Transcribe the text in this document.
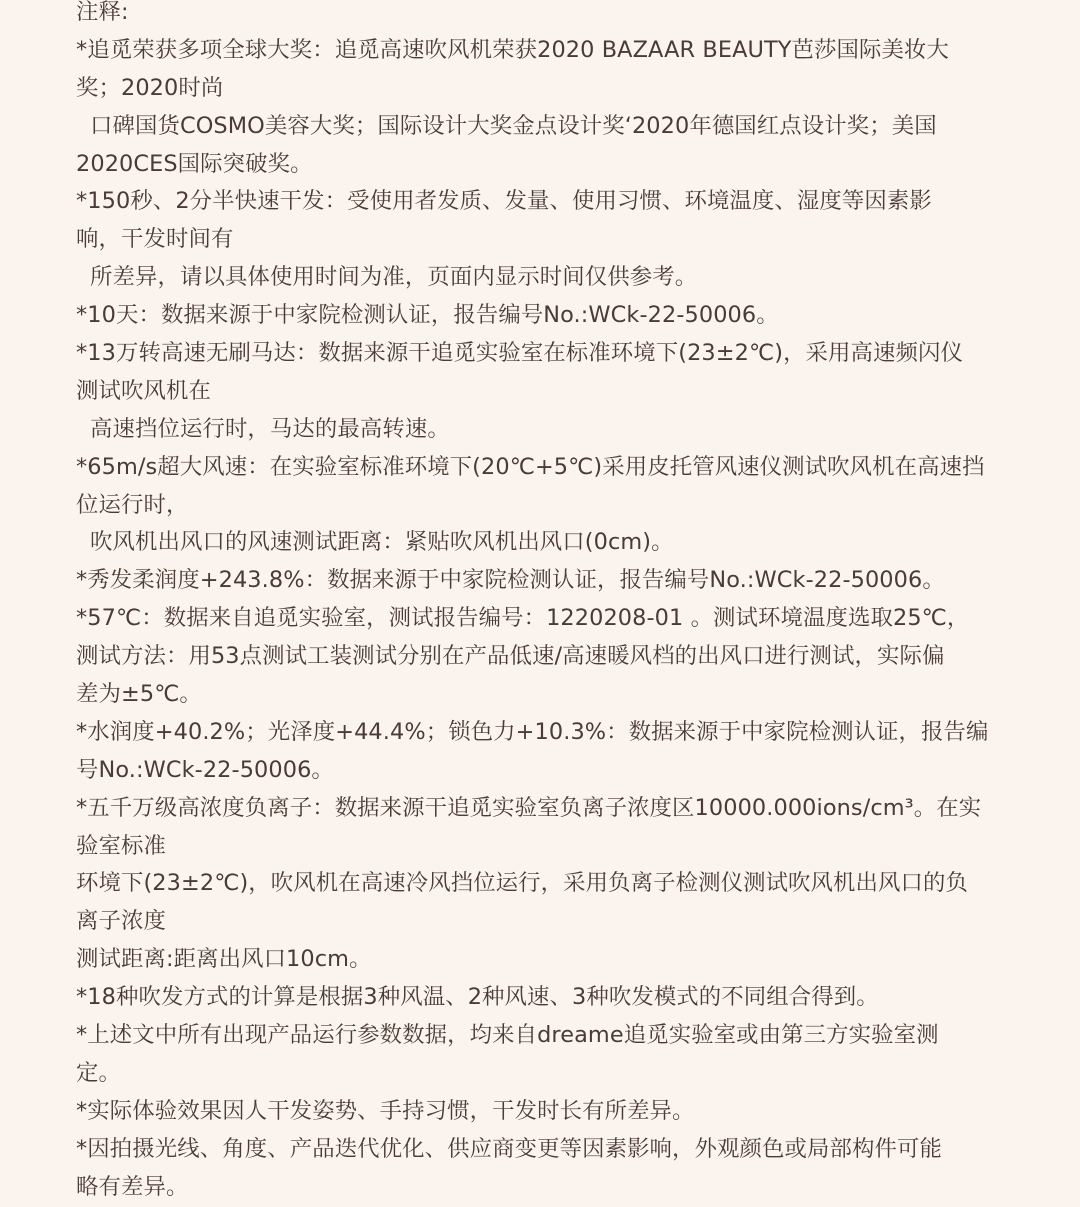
注释:
*追觅荣获多项全球大奖：追觅高速吹风机荣获2020 BAZAAR BEAUTY芭莎国际美妆大
奖；2020时尚
口碑国货COSMO美容大奖；国际设计大奖金点设计奖‘2020年德国红点设计奖；美国
2020CES国际突破奖。
*150秒、2分半快速干发：受使用者发质、发量、使用习惯、环境温度、湿度等因素影
响，干发时间有
所差异，请以具体使用时间为准，页面内显示时间仅供参考。
*10天：数据来源于中家院检测认证，报告编号No.:WCk-22-50006。
*13万转高速无刷马达：数据来源干追觅实验室在标准环境下(23±2℃)，采用高速频闪仪
测试吹风机在
高速挡位运行时，马达的最高转速。
*65m/s超大风速：在实验室标准环境下(20℃+5℃)采用皮托管风速仪测试吹风机在高速挡
位运行时，
吹风机出风口的风速测试距离：紧贴吹风机出风口(0cm)。
*秀发柔润度+243.8%：数据来源于中家院检测认证，报告编号No.:WCk-22-50006。
*57℃：数据来自追觅实验室，测试报告编号：1220208-01 。测试环境温度选取25℃，
测试方法：用53点测试工装测试分别在产品低速/高速暖风档的出风口进行测试，实际偏
差为±5℃。
*水润度+40.2%；光泽度+44.4%；锁色力+10.3%：数据来源于中家院检测认证，报告编
号No.:WCk-22-50006。
*五千万级高浓度负离子：数据来源干追觅实验室负离子浓度区10000.000ions/cm³。在实
验室标准
环境下(23±2℃)，吹风机在高速冷风挡位运行，采用负离子检测仪测试吹风机出风口的负
离子浓度
测试距离:距离出风口10cm。
*18种吹发方式的计算是根据3种风温、2种风速、3种吹发模式的不同组合得到。
*上述文中所有出现产品运行参数数据，均来自dreame追觅实验室或由第三方实验室测
定。
*实际体验效果因人干发姿势、手持习惯，干发时长有所差异。
*因拍摄光线、角度、产品迭代优化、供应商变更等因素影响，外观颜色或局部构件可能
略有差异。
